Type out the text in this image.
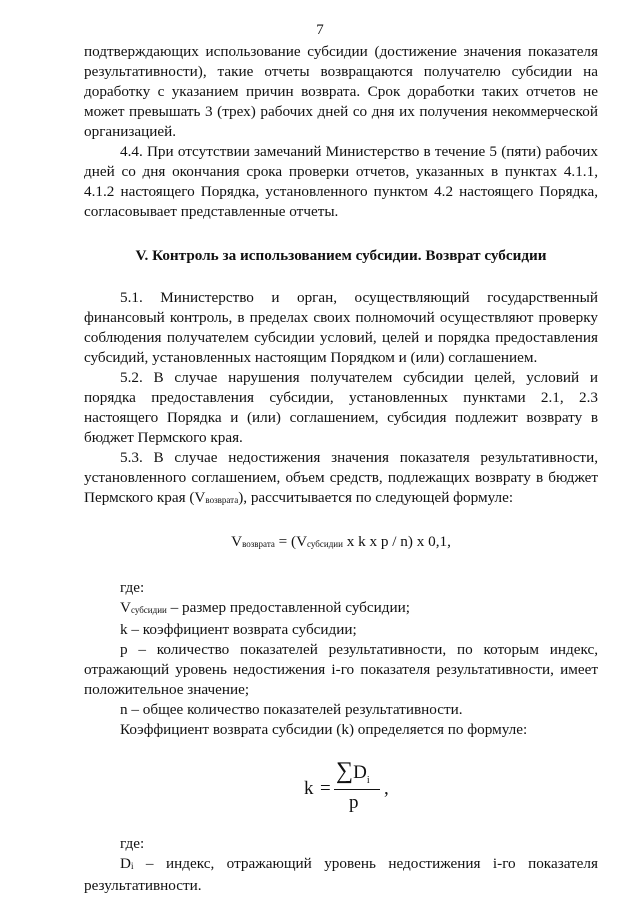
7

подтверждающих использование субсидии (достижение значения показателя результативности), такие отчеты возвращаются получателю субсидии на доработку с указанием причин возврата. Срок доработки таких отчетов не может превышать 3 (трех) рабочих дней со дня их получения некоммерческой организацией.

4.4. При отсутствии замечаний Министерство в течение 5 (пяти) рабочих дней со дня окончания срока проверки отчетов, указанных в пунктах 4.1.1, 4.1.2 настоящего Порядка, установленного пунктом 4.2 настоящего Порядка, согласовывает представленные отчеты.

V. Контроль за использованием субсидии. Возврат субсидии

5.1. Министерство и орган, осуществляющий государственный финансовый контроль, в пределах своих полномочий осуществляют проверку соблюдения получателем субсидии условий, целей и порядка предоставления субсидий, установленных настоящим Порядком и (или) соглашением.

5.2. В случае нарушения получателем субсидии целей, условий и порядка предоставления субсидии, установленных пунктами 2.1, 2.3 настоящего Порядка и (или) соглашением, субсидия подлежит возврату в бюджет Пермского края.

5.3. В случае недостижения значения показателя результативности, установленного соглашением, объем средств, подлежащих возврату в бюджет Пермского края $(V_{возврата})$, рассчитывается по следующей формуле:

$V_{возврата} = (V_{субсидии}$ x k x p / n) x 0,1,

где:

$V_{субсидии}$ – размер предоставленной субсидии;

k – коэффициент возврата субсидии;

p – количество показателей результативности, по которым индекс, отражающий уровень недостижения i-го показателя результативности, имеет положительное значение;

n – общее количество показателей результативности.

Коэффициент возврата субсидии (k) определяется по формуле:

k =
$\sum D_i$
p
,

где:

$D_i$ – индекс, отражающий уровень недостижения i-го показателя результативности.
